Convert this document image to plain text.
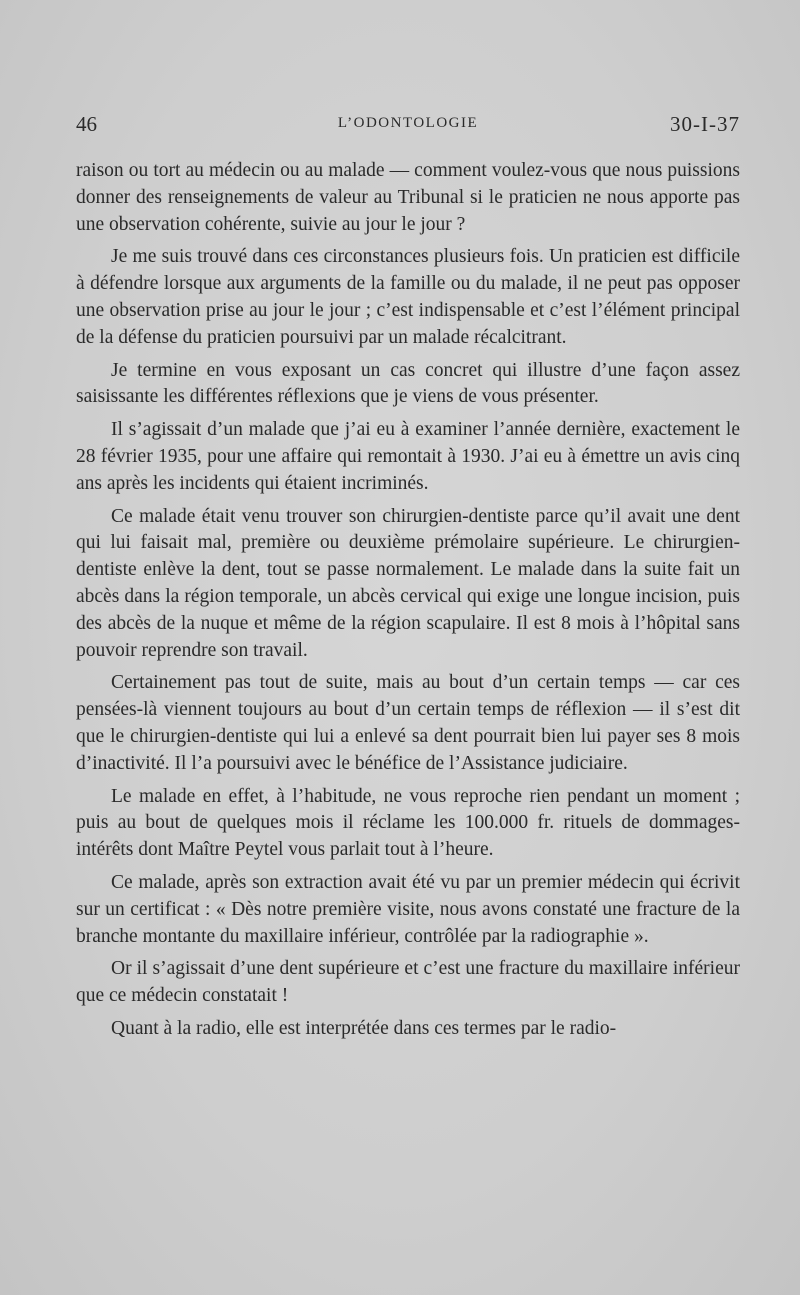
46	L’ODONTOLOGIE	30-I-37

raison ou tort au médecin ou au malade — comment voulez-vous que nous puissions donner des renseignements de valeur au Tribunal si le praticien ne nous apporte pas une observation cohérente, suivie au jour le jour ?

Je me suis trouvé dans ces circonstances plusieurs fois. Un praticien est difficile à défendre lorsque aux arguments de la famille ou du malade, il ne peut pas opposer une observation prise au jour le jour ; c’est indispensable et c’est l’élément principal de la défense du praticien poursuivi par un malade récalcitrant.

Je termine en vous exposant un cas concret qui illustre d’une façon assez saisissante les différentes réflexions que je viens de vous présenter.

Il s’agissait d’un malade que j’ai eu à examiner l’année dernière, exactement le 28 février 1935, pour une affaire qui remontait à 1930. J’ai eu à émettre un avis cinq ans après les incidents qui étaient incriminés.

Ce malade était venu trouver son chirurgien-dentiste parce qu’il avait une dent qui lui faisait mal, première ou deuxième prémolaire supérieure. Le chirurgien-dentiste enlève la dent, tout se passe normalement. Le malade dans la suite fait un abcès dans la région temporale, un abcès cervical qui exige une longue incision, puis des abcès de la nuque et même de la région scapulaire. Il est 8 mois à l’hôpital sans pouvoir reprendre son travail.

Certainement pas tout de suite, mais au bout d’un certain temps — car ces pensées-là viennent toujours au bout d’un certain temps de réflexion — il s’est dit que le chirurgien-dentiste qui lui a enlevé sa dent pourrait bien lui payer ses 8 mois d’inactivité. Il l’a poursuivi avec le bénéfice de l’Assistance judiciaire.

Le malade en effet, à l’habitude, ne vous reproche rien pendant un moment ; puis au bout de quelques mois il réclame les 100.000 fr. rituels de dommages-intérêts dont Maître Peytel vous parlait tout à l’heure.

Ce malade, après son extraction avait été vu par un premier médecin qui écrivit sur un certificat : « Dès notre première visite, nous avons constaté une fracture de la branche montante du maxillaire inférieur, contrôlée par la radiographie ».

Or il s’agissait d’une dent supérieure et c’est une fracture du maxillaire inférieur que ce médecin constatait !

Quant à la radio, elle est interprétée dans ces termes par le radio-
